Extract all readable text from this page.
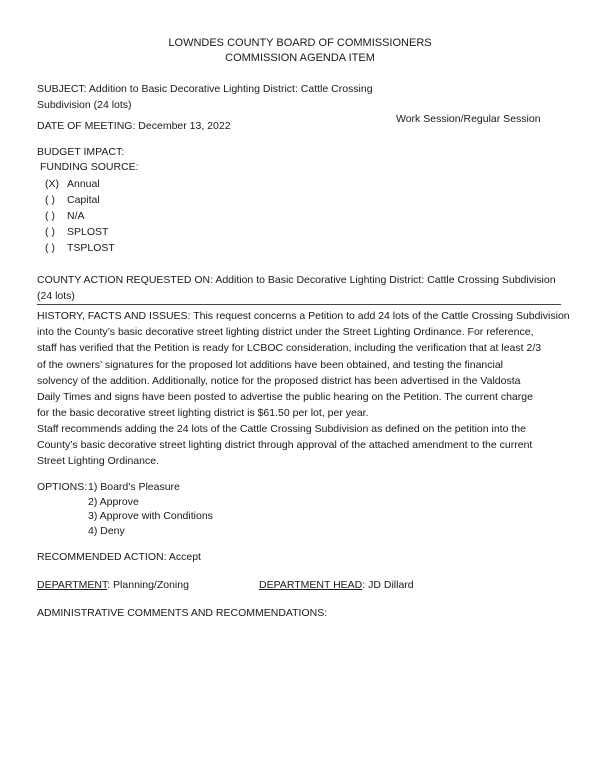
LOWNDES COUNTY BOARD OF COMMISSIONERS
COMMISSION AGENDA ITEM
SUBJECT: Addition to Basic Decorative Lighting District: Cattle Crossing
Subdivision (24 lots)
DATE OF MEETING: December 13, 2022
Work Session/Regular Session
BUDGET IMPACT:
FUNDING SOURCE:
(X) Annual
( ) Capital
( ) N/A
( ) SPLOST
( ) TSPLOST
COUNTY ACTION REQUESTED ON: Addition to Basic Decorative Lighting District: Cattle Crossing Subdivision
(24 lots)
HISTORY, FACTS AND ISSUES: This request concerns a Petition to add 24 lots of the Cattle Crossing Subdivision
into the County’s basic decorative street lighting district under the Street Lighting Ordinance. For reference,
staff has verified that the Petition is ready for LCBOC consideration, including the verification that at least 2/3
of the owners’ signatures for the proposed lot additions have been obtained, and testing the financial
solvency of the addition. Additionally, notice for the proposed district has been advertised in the Valdosta
Daily Times and signs have been posted to advertise the public hearing on the Petition. The current charge
for the basic decorative street lighting district is $61.50 per lot, per year.
Staff recommends adding the 24 lots of the Cattle Crossing Subdivision as defined on the petition into the
County’s basic decorative street lighting district through approval of the attached amendment to the current
Street Lighting Ordinance.
OPTIONS: 1) Board's Pleasure
2) Approve
3) Approve with Conditions
4) Deny
RECOMMENDED ACTION: Accept
DEPARTMENT: Planning/Zoning	DEPARTMENT HEAD: JD Dillard
ADMINISTRATIVE COMMENTS AND RECOMMENDATIONS:
